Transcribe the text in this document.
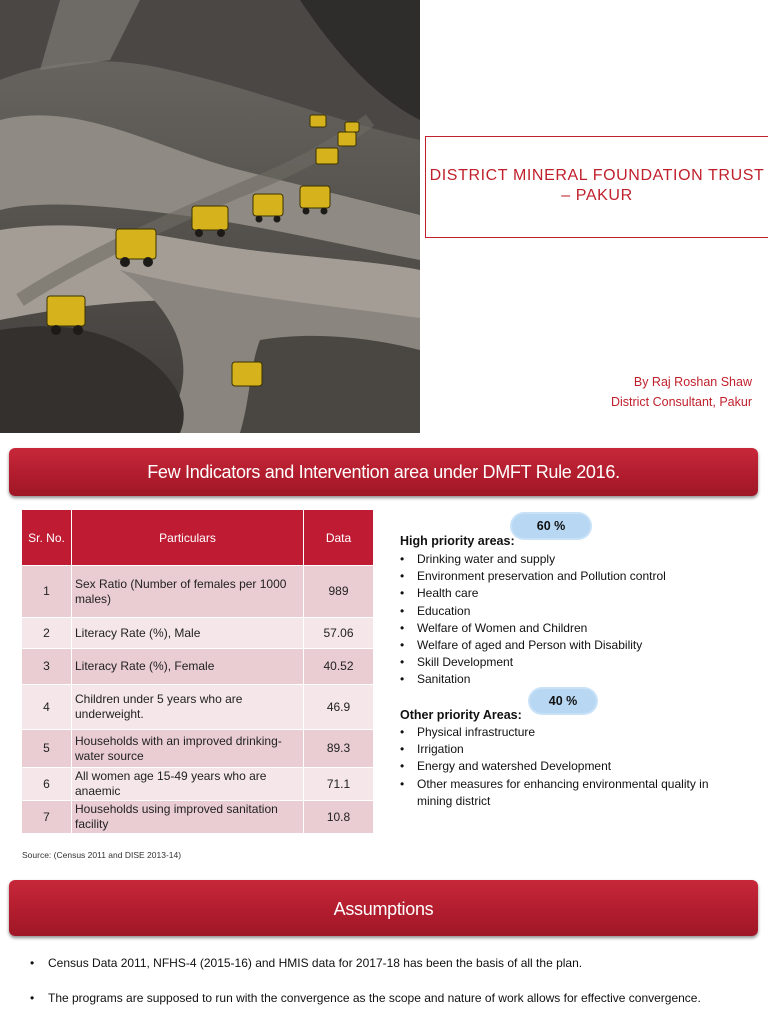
DISTRICT MINERAL FOUNDATION TRUST – PAKUR
By Raj Roshan Shaw
District Consultant, Pakur
Few Indicators and Intervention area under DMFT Rule 2016.
Sr. No.	Particulars	Data
1	Sex Ratio (Number of females per 1000 males)	989
2	Literacy Rate (%), Male	57.06
3	Literacy Rate (%), Female	40.52
4	Children under 5 years who are underweight.	46.9
5	Households with an improved drinking-water source	89.3
6	All women age 15-49 years who are anaemic	71.1
7	Households using improved sanitation facility	10.8
Source: (Census 2011 and DISE 2013-14)
60 %
High priority areas:
• Drinking water and supply
• Environment preservation and Pollution control
• Health care
• Education
• Welfare of Women and Children
• Welfare of aged and Person with Disability
• Skill Development
• Sanitation
40 %
Other priority Areas:
• Physical infrastructure
• Irrigation
• Energy and watershed Development
• Other measures for enhancing environmental quality in mining district
Assumptions
• Census Data 2011, NFHS-4 (2015-16) and HMIS data for 2017-18 has been the basis of all the plan.
• The programs are supposed to run with the convergence as the scope and nature of work allows for effective convergence.
